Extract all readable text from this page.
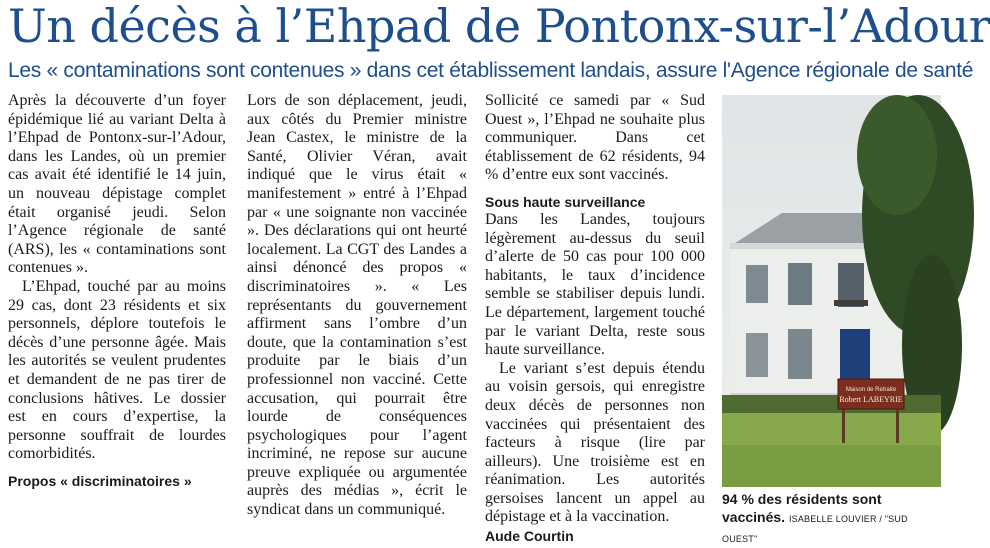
Un décès à l’Ehpad de Pontonx-sur-l’Adour
Les « contaminations sont contenues » dans cet établissement landais, assure l'Agence régionale de santé

Après la découverte d’un foyer épidémique lié au variant Delta à l’Ehpad de Pontonx-sur-l’Adour, dans les Landes, où un premier cas avait été identifié le 14 juin, un nouveau dépistage complet était organisé jeudi. Selon l’Agence régionale de santé (ARS), les « contaminations sont contenues ».

L’Ehpad, touché par au moins 29 cas, dont 23 résidents et six personnels, déplore toutefois le décès d’une personne âgée. Mais les autorités se veulent prudentes et demandent de ne pas tirer de conclusions hâtives. Le dossier est en cours d’expertise, la personne souffrait de lourdes comorbidités.

Propos « discriminatoires »

Lors de son déplacement, jeudi, aux côtés du Premier ministre Jean Castex, le ministre de la Santé, Olivier Véran, avait indiqué que le virus était « manifestement » entré à l’Ehpad par « une soignante non vaccinée ». Des déclarations qui ont heurté localement. La CGT des Landes a ainsi dénoncé des propos « discriminatoires ». « Les représentants du gouvernement affirment sans l’ombre d’un doute, que la contamination s’est produite par le biais d’un professionnel non vacciné. Cette accusation, qui pourrait être lourde de conséquences psychologiques pour l’agent incriminé, ne repose sur aucune preuve expliquée ou argumentée auprès des médias », écrit le syndicat dans un communiqué.

Sollicité ce samedi par « Sud Ouest », l’Ehpad ne souhaite plus communiquer. Dans cet établissement de 62 résidents, 94 % d’entre eux sont vaccinés.

Sous haute surveillance

Dans les Landes, toujours légèrement au-dessus du seuil d’alerte de 50 cas pour 100 000 habitants, le taux d’incidence semble se stabiliser depuis lundi. Le département, largement touché par le variant Delta, reste sous haute surveillance.

Le variant s’est depuis étendu au voisin gersois, qui enregistre deux décès de personnes non vaccinées qui présentaient des facteurs à risque (lire par ailleurs). Une troisième est en réanimation. Les autorités gersoises lancent un appel au dépistage et à la vaccination.

Aude Courtin
Maison de Retraite
Robert LABEYRIE
94 % des résidents sont vaccinés. ISABELLE LOUVIER / "SUD OUEST"
